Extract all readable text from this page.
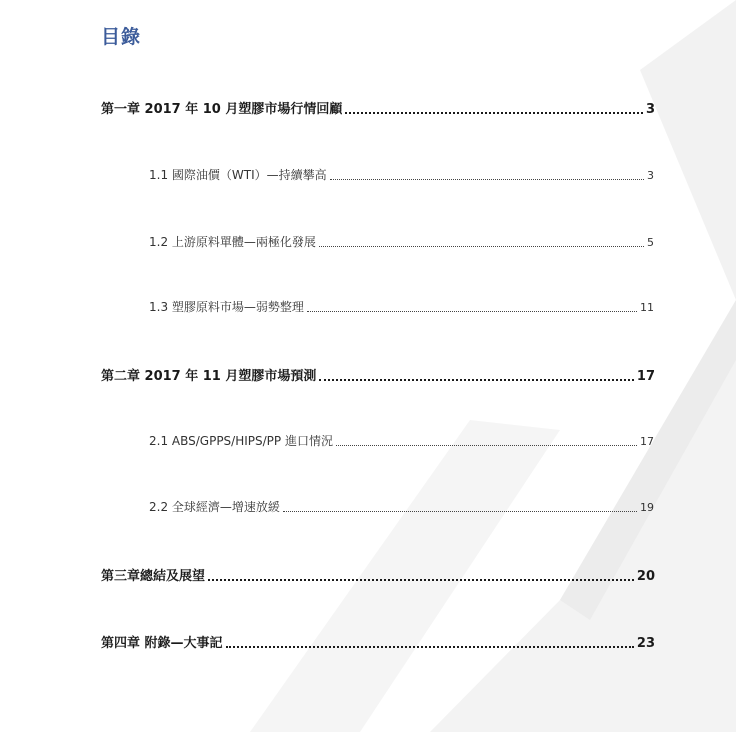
目錄
第一章 2017 年 10 月塑膠市場行情回顧	3
1.1 國際油價（WTI）—持續攀高	3
1.2 上游原料單體—兩極化發展	5
1.3 塑膠原料市場—弱勢整理	11
第二章 2017 年 11 月塑膠市場預測	17
2.1 ABS/GPPS/HIPS/PP 進口情況	17
2.2 全球經濟—增速放緩	19
第三章總結及展望	20
第四章 附錄—大事記	23
